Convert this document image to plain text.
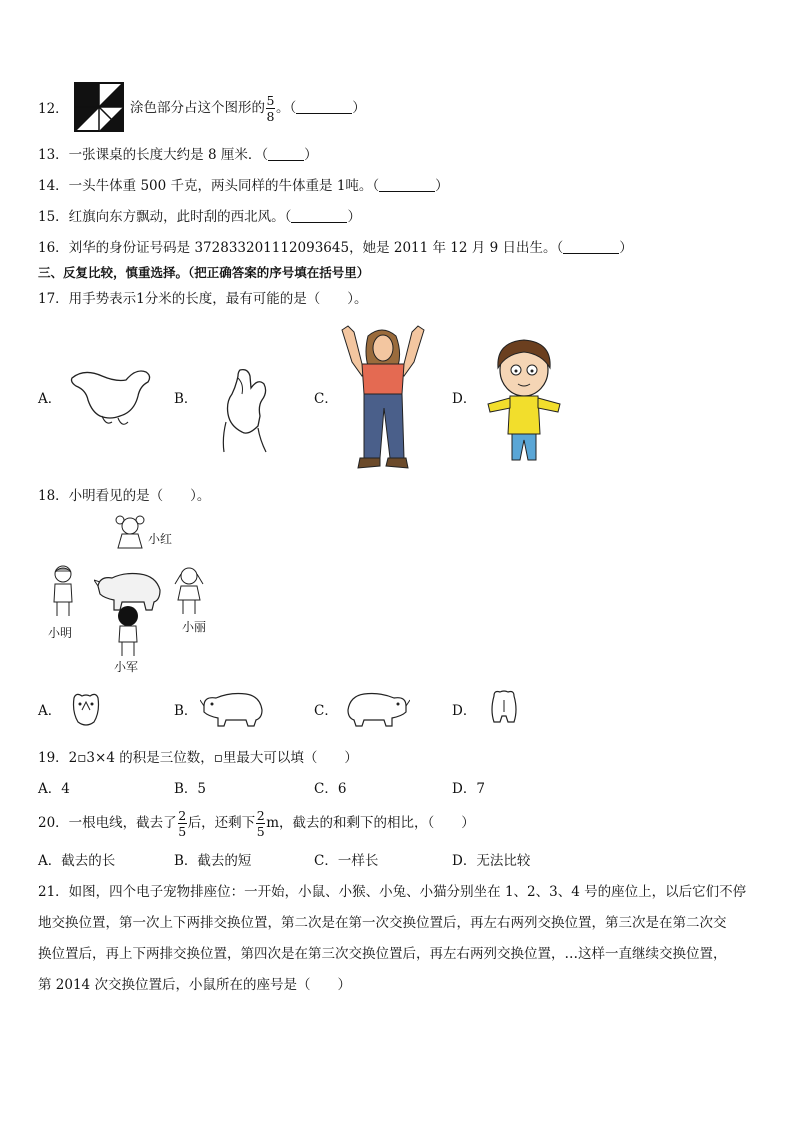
12．	涂色部分占这个图形的 $\frac{5}{8}$ 。（	）
13．一张课桌的长度大约是 8 厘米．（	）
14．一头牛体重 500 千克，两头同样的牛体重是 1吨。（	）
15．红旗向东方飘动，此时刮的西北风。（	）
16．刘华的身份证号码是 372833201112093645，她是 2011 年 12 月 9 日出生。（	）
三、反复比较，慎重选择。（把正确答案的序号填在括号里）
17．用手势表示1分米的长度，最有可能的是（　　）。
A．	B．	C．	D．
18．小明看见的是（　　）。
小红
小明	小丽
小军
A．	B．	C．	D．
19．2▫3×4 的积是三位数，▫里最大可以填（　　）
A．4	B．5	C．6	D．7
20．一根电线，截去了 $\frac{2}{5}$ 后，还剩下 $\frac{2}{5}$ m，截去的和剩下的相比，（　　）
A．截去的长	B．截去的短	C．一样长	D．无法比较
21．如图，四个电子宠物排座位：一开始，小鼠、小猴、小兔、小猫分别坐在 1、2、3、4 号的座位上，以后它们不停
地交换位置，第一次上下两排交换位置，第二次是在第一次交换位置后，再左右两列交换位置，第三次是在第二次交
换位置后，再上下两排交换位置，第四次是在第三次交换位置后，再左右两列交换位置，…这样一直继续交换位置，
第 2014 次交换位置后，小鼠所在的座号是（　　）
